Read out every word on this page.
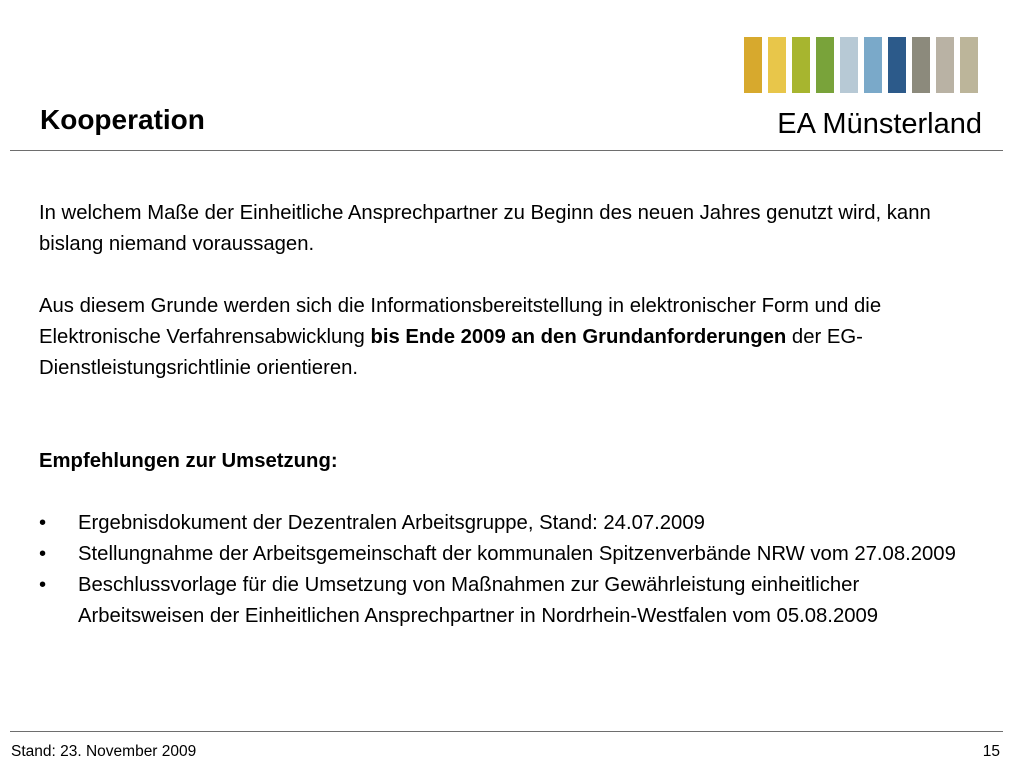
Kooperation	EA Münsterland

In welchem Maße der Einheitliche Ansprechpartner zu Beginn des neuen Jahres genutzt wird, kann bislang niemand voraussagen.

Aus diesem Grunde werden sich die Informationsbereitstellung in elektronischer Form und die Elektronische Verfahrensabwicklung bis Ende 2009 an den Grundanforderungen der EG-Dienstleistungsrichtlinie orientieren.

Empfehlungen zur Umsetzung:

• Ergebnisdokument der Dezentralen Arbeitsgruppe, Stand: 24.07.2009
• Stellungnahme der Arbeitsgemeinschaft der kommunalen Spitzenverbände NRW vom 27.08.2009
• Beschlussvorlage für die Umsetzung von Maßnahmen zur Gewährleistung einheitlicher Arbeitsweisen der Einheitlichen Ansprechpartner in Nordrhein-Westfalen vom 05.08.2009
Stand: 23. November 2009	15
